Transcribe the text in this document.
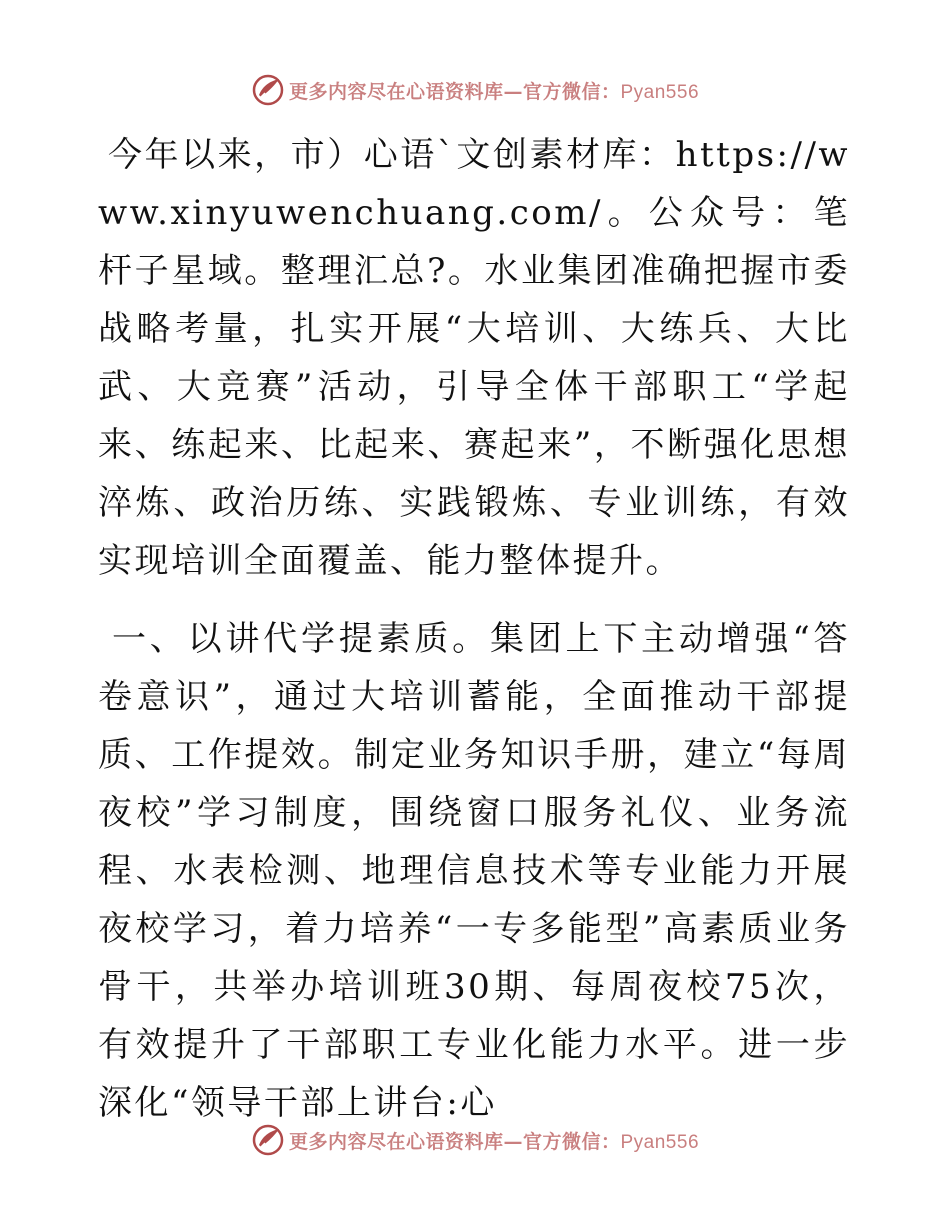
更多内容尽在心语资料库—官方微信：Pyan556

今年以来，市）心语`文创素材库：https://www.xinyuwenchuang.com/。公众号：笔杆子星域。整理汇总?。水业集团准确把握市委战略考量，扎实开展“大培训、大练兵、大比武、大竞赛”活动，引导全体干部职工“学起来、练起来、比起来、赛起来”，不断强化思想淬炼、政治历练、实践锻炼、专业训练，有效实现培训全面覆盖、能力整体提升。

一、以讲代学提素质。集团上下主动增强“答卷意识”，通过大培训蓄能，全面推动干部提质、工作提效。制定业务知识手册，建立“每周夜校”学习制度，围绕窗口服务礼仪、业务流程、水表检测、地理信息技术等专业能力开展夜校学习，着力培养“一专多能型”高素质业务骨干，共举办培训班30期、每周夜校75次，有效提升了干部职工专业化能力水平。进一步深化“领导干部上讲台:心

更多内容尽在心语资料库—官方微信：Pyan556
